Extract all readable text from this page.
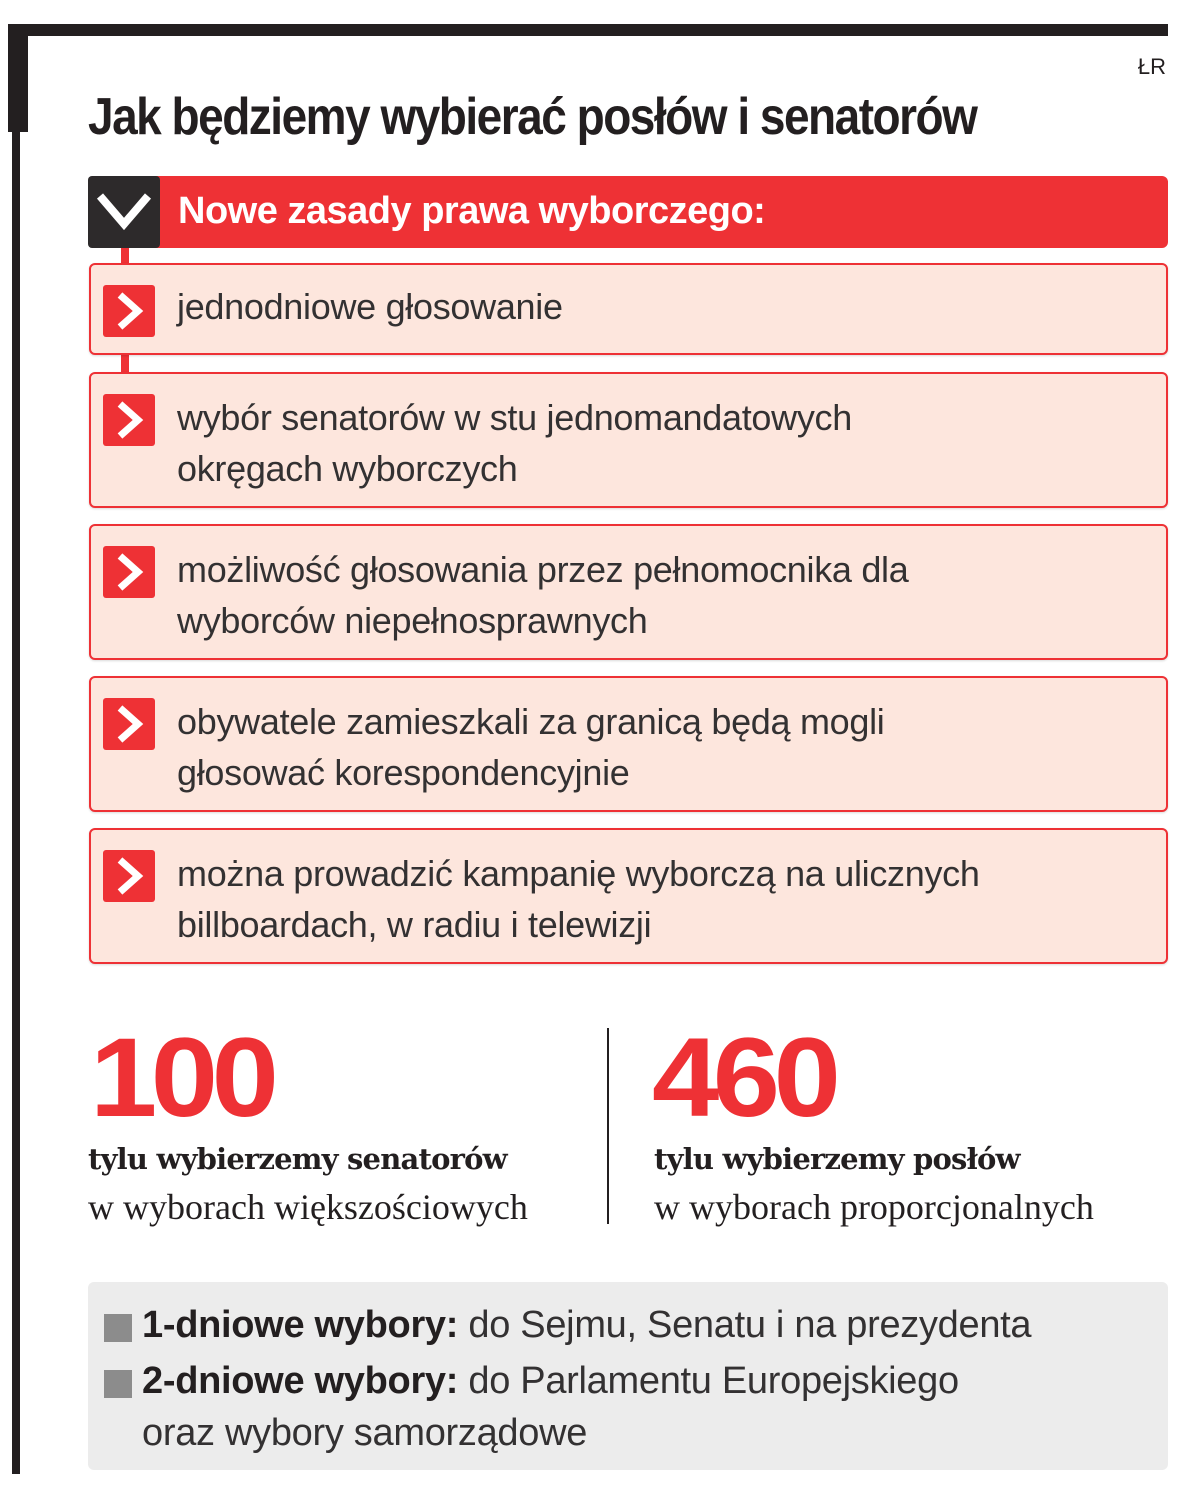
ŁR
Jak będziemy wybierać posłów i senatorów
Nowe zasady prawa wyborczego:
jednodniowe głosowanie
wybór senatorów w stu jednomandatowych
okręgach wyborczych
możliwość głosowania przez pełnomocnika dla
wyborców niepełnosprawnych
obywatele zamieszkali za granicą będą mogli
głosować korespondencyjnie
można prowadzić kampanię wyborczą na ulicznych
billboardach, w radiu i telewizji
100
tylu wybierzemy senatorów
w wyborach większościowych
460
tylu wybierzemy posłów
w wyborach proporcjonalnych
1-dniowe wybory: do Sejmu, Senatu i na prezydenta
2-dniowe wybory: do Parlamentu Europejskiego
oraz wybory samorządowe
